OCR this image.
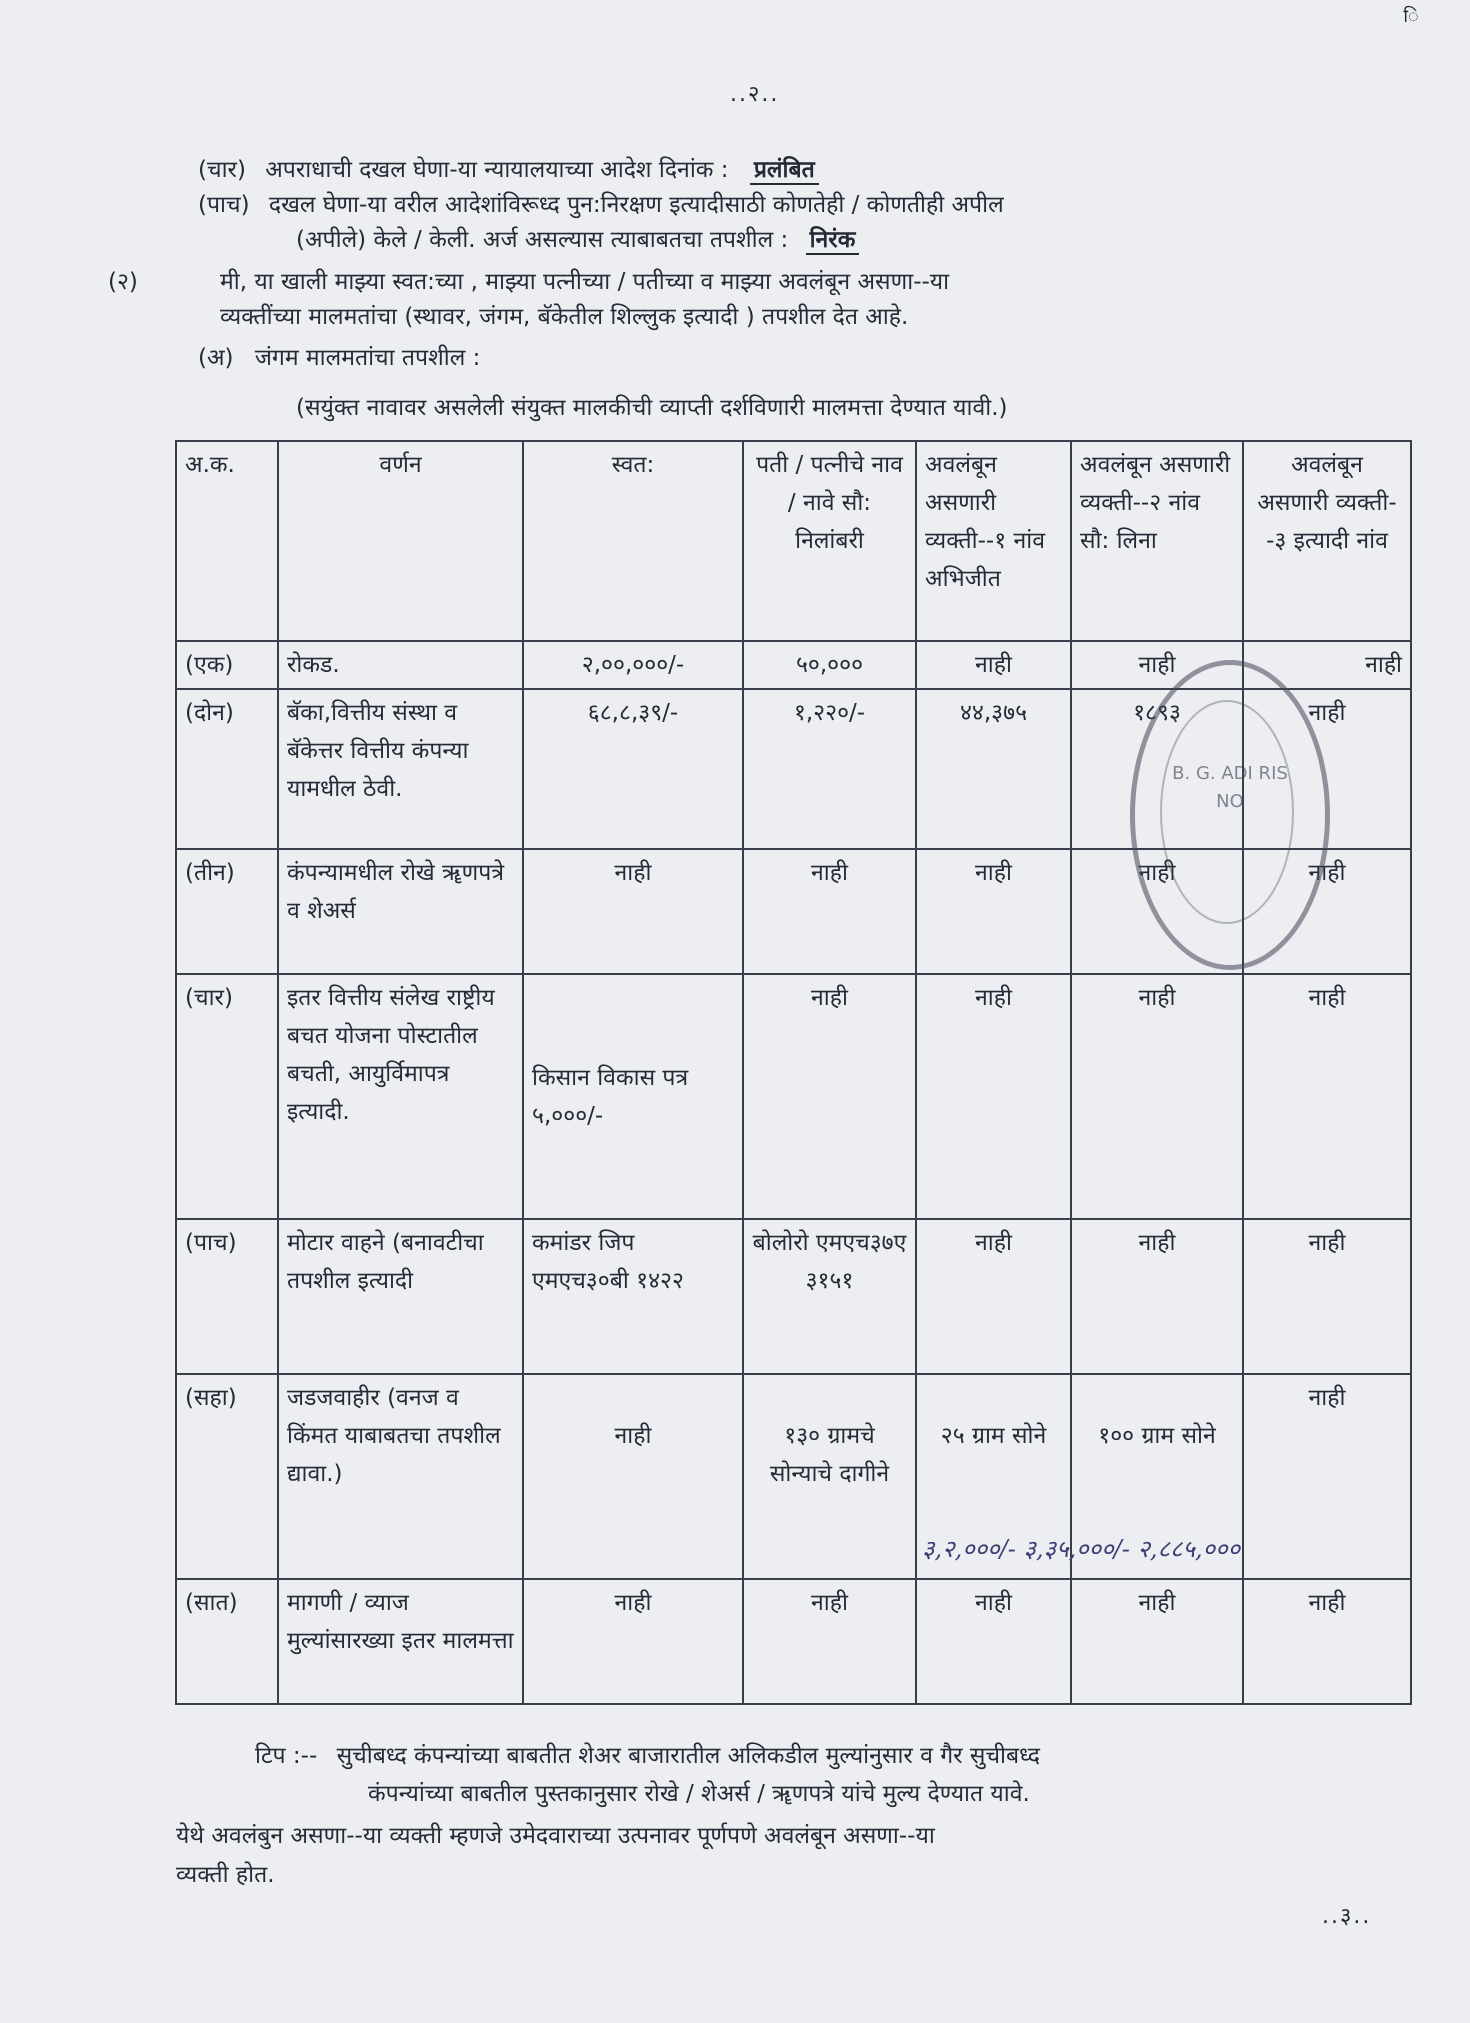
..२..
ि
(चार) अपराधाची दखल घेणा-या न्यायालयाच्या आदेश दिनांक : प्रलंबित
(पाच) दखल घेणा-या वरील आदेशांविरूध्द पुन:निरक्षण इत्यादीसाठी कोणतेही / कोणतीही अपील
(अपीले) केले / केली. अर्ज असल्यास त्याबाबतचा तपशील : निरंक
(२)	मी, या खाली माझ्या स्वत:च्या , माझ्या पत्नीच्या / पतीच्या व माझ्या अवलंबून असणा--या
व्यक्तींच्या मालमतांचा (स्थावर, जंगम, बॅकेतील शिल्लुक इत्यादी ) तपशील देत आहे.
(अ) जंगम मालमतांचा तपशील :
(सयुंक्त नावावर असलेली संयुक्त मालकीची व्याप्ती दर्शविणारी मालमत्ता देण्यात यावी.)
अ.क.	वर्णन	स्वत:	पती / पत्नीचे नाव / नावे सौ: निलांबरी	अवलंबून असणारी व्यक्ती--१ नांव अभिजीत	अवलंबून असणारी व्यक्ती--२ नांव सौ: लिना	अवलंबून असणारी व्यक्ती--३ इत्यादी नांव
(एक)	रोकड.	२,००,०००/-	५०,०००	नाही	नाही	नाही
(दोन)	बॅका,वित्तीय संस्था व बॅकेत्तर वित्तीय कंपन्या यामधील ठेवी.	६८,८,३९/-	१,२२०/-	४४,३७५	१८९३	नाही
(तीन)	कंपन्यामधील रोखे ॠणपत्रे व शेअर्स	नाही	नाही	नाही	नाही	नाही
(चार)	इतर वित्तीय संलेख राष्ट्रीय बचत योजना पोस्टातील बचती, आयुर्विमापत्र इत्यादी.	किसान विकास पत्र ५,०००/-	नाही	नाही	नाही	नाही
(पाच)	मोटार वाहने (बनावटीचा तपशील इत्यादी	कमांडर जिप एमएच३०बी १४२२	बोलोरो एमएच३७ए ३१५१	नाही	नाही	नाही
(सहा)	जडजवाहीर (वनज व किंमत याबाबतचा तपशील द्यावा.)	नाही	१३० ग्रामचे सोन्याचे दागीने	२५ ग्राम सोने	१०० ग्राम सोने	नाही
(सात)	मागणी / व्याज मुल्यांसारख्या इतर मालमत्ता	नाही	नाही	नाही	नाही	नाही
३,२,०००/- ३,३५,०००/- २,८८५,०००
B. G. ADI RIS NO
टिप :-- सुचीबध्द कंपन्यांच्या बाबतीत शेअर बाजारातील अलिकडील मुल्यांनुसार व गैर सुचीबध्द
कंपन्यांच्या बाबतील पुस्तकानुसार रोखे / शेअर्स / ॠणपत्रे यांचे मुल्य देण्यात यावे.
येथे अवलंबुन असणा--या व्यक्ती म्हणजे उमेदवाराच्या उत्पनावर पूर्णपणे अवलंबून असणा--या
व्यक्ती होत.
..३..
